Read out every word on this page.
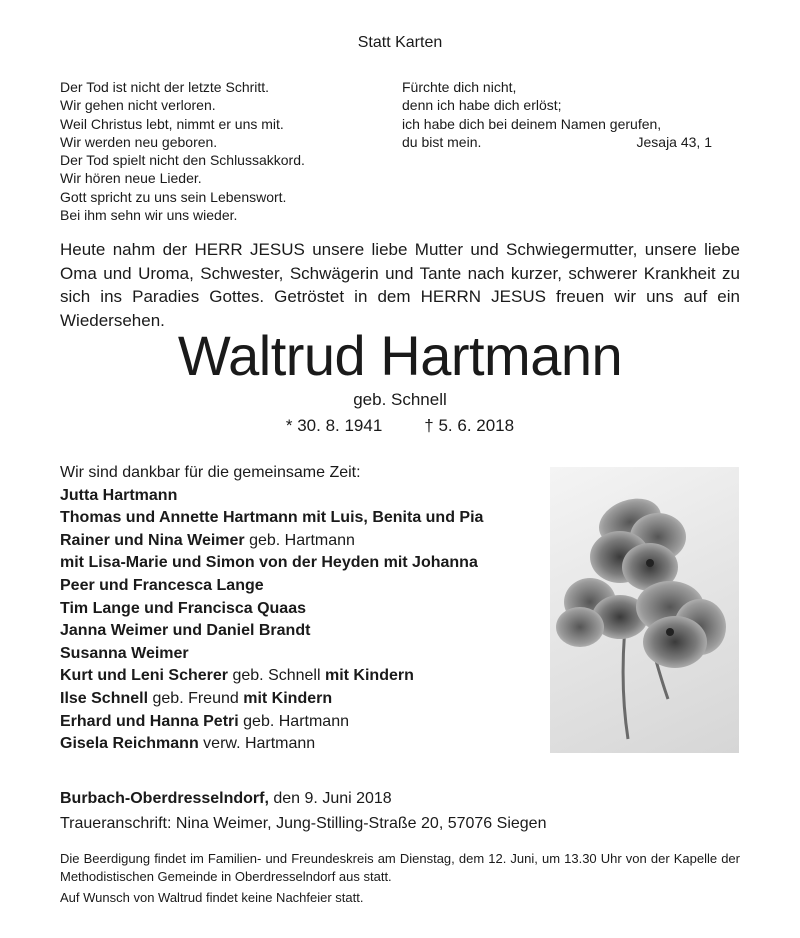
Statt Karten
Der Tod ist nicht der letzte Schritt.
Wir gehen nicht verloren.
Weil Christus lebt, nimmt er uns mit.
Wir werden neu geboren.
Der Tod spielt nicht den Schlussakkord.
Wir hören neue Lieder.
Gott spricht zu uns sein Lebenswort.
Bei ihm sehn wir uns wieder.
Fürchte dich nicht,
denn ich habe dich erlöst;
ich habe dich bei deinem Namen gerufen,
du bist mein.	Jesaja 43, 1
Heute nahm der HERR JESUS unsere liebe Mutter und Schwiegermutter, unsere liebe Oma und Uroma, Schwester, Schwägerin und Tante nach kurzer, schwerer Krankheit zu sich ins Paradies Gottes. Getröstet in dem HERRN JESUS freuen wir uns auf ein Wiedersehen.
Waltrud Hartmann
geb. Schnell
* 30. 8. 1941 † 5. 6. 2018
Wir sind dankbar für die gemeinsame Zeit:
Jutta Hartmann
Thomas und Annette Hartmann mit Luis, Benita und Pia
Rainer und Nina Weimer geb. Hartmann
mit Lisa-Marie und Simon von der Heyden mit Johanna
Peer und Francesca Lange
Tim Lange und Francisca Quaas
Janna Weimer und Daniel Brandt
Susanna Weimer
Kurt und Leni Scherer geb. Schnell mit Kindern
Ilse Schnell geb. Freund mit Kindern
Erhard und Hanna Petri geb. Hartmann
Gisela Reichmann verw. Hartmann
Burbach-Oberdresselndorf, den 9. Juni 2018
Traueranschrift: Nina Weimer, Jung-Stilling-Straße 20, 57076 Siegen
Die Beerdigung findet im Familien- und Freundeskreis am Dienstag, dem 12. Juni, um 13.30 Uhr von der Kapelle der Methodistischen Gemeinde in Oberdresselndorf aus statt.
Auf Wunsch von Waltrud findet keine Nachfeier statt.
